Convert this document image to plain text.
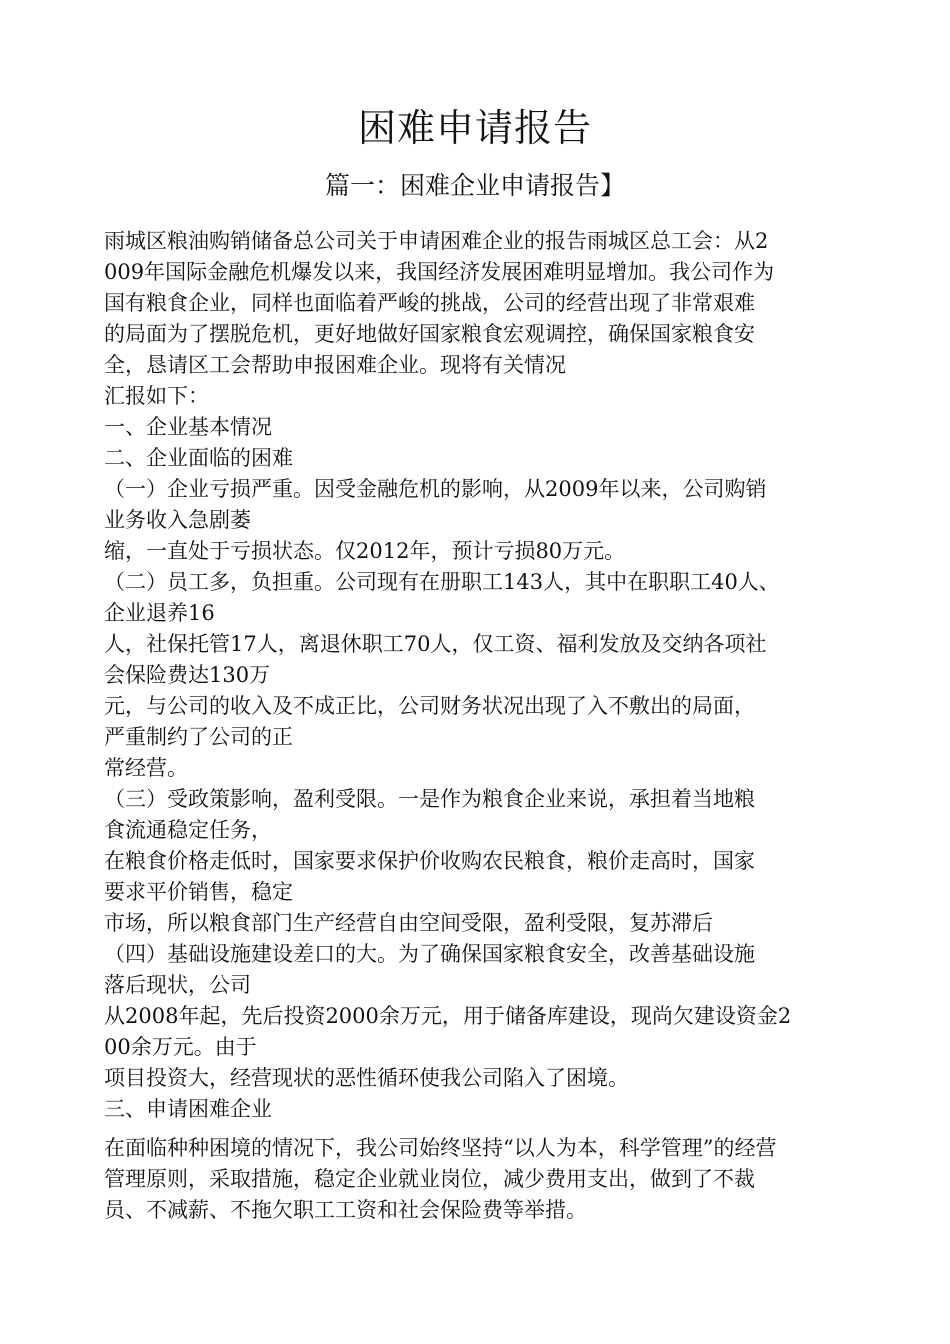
困难申请报告
篇一：困难企业申请报告】
雨城区粮油购销储备总公司关于申请困难企业的报告雨城区总工会：从2
009年国际金融危机爆发以来，我国经济发展困难明显增加。我公司作为
国有粮食企业，同样也面临着严峻的挑战，公司的经营出现了非常艰难
的局面为了摆脱危机，更好地做好国家粮食宏观调控，确保国家粮食安
全，恳请区工会帮助申报困难企业。现将有关情况
汇报如下：
一、企业基本情况
二、企业面临的困难
（一）企业亏损严重。因受金融危机的影响，从2009年以来，公司购销
业务收入急剧萎
缩，一直处于亏损状态。仅2012年，预计亏损80万元。
（二）员工多，负担重。公司现有在册职工143人，其中在职职工40人、
企业退养16
人，社保托管17人，离退休职工70人，仅工资、福利发放及交纳各项社
会保险费达130万
元，与公司的收入及不成正比，公司财务状况出现了入不敷出的局面，
严重制约了公司的正
常经营。
（三）受政策影响，盈利受限。一是作为粮食企业来说，承担着当地粮
食流通稳定任务，
在粮食价格走低时，国家要求保护价收购农民粮食，粮价走高时，国家
要求平价销售，稳定
市场，所以粮食部门生产经营自由空间受限，盈利受限，复苏滞后
（四）基础设施建设差口的大。为了确保国家粮食安全，改善基础设施
落后现状，公司
从2008年起，先后投资2000余万元，用于储备库建设，现尚欠建设资金2
00余万元。由于
项目投资大，经营现状的恶性循环使我公司陷入了困境。
三、申请困难企业
在面临种种困境的情况下，我公司始终坚持“以人为本，科学管理”的经营
管理原则，采取措施，稳定企业就业岗位，减少费用支出，做到了不裁
员、不减薪、不拖欠职工工资和社会保险费等举措。
